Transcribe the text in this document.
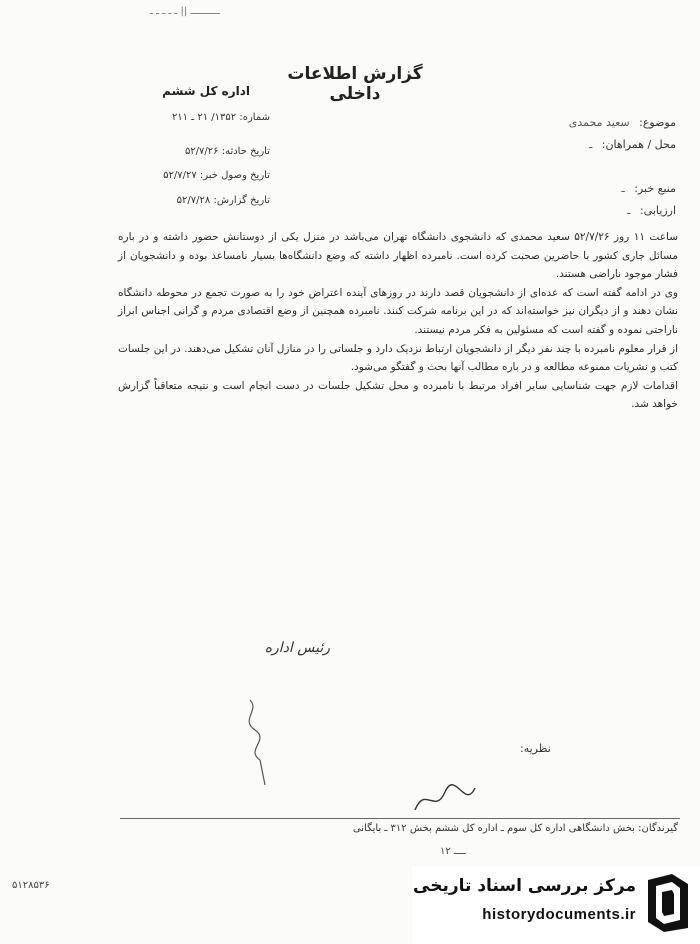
ــــــــــ || ـ ـ ـ ـ ـ
گزارش اطلاعات داخلی
اداره‌ کل ششم
شماره: ۱۳۵۲/ ۲۱ ـ ۲۱۱
تاریخ حادثه: ۵۲/۷/۲۶
تاریخ وصول خبر: ۵۲/۷/۲۷
تاریخ گزارش: ۵۲/۷/۲۸
موضوع: سعید محمدی
محل / همراهان: ـ
منبع خبر: ـ
ارزیابی: ـ

ساعت ۱۱ روز ۵۲/۷/۲۶ سعید محمدی که دانشجوی دانشگاه تهران می‌باشد در منزل یکی از دوستانش حضور داشته و در باره مسائل جاری کشور با حاضرین صحبت کرده است. نامبرده اظهار داشته که وضع دانشگاه‌ها بسیار نامساعد بوده و دانشجویان از فشار موجود ناراضی هستند.

وی در ادامه گفته است که عده‌ای از دانشجویان قصد دارند در روزهای آینده اعتراض خود را به صورت تجمع در محوطه دانشگاه نشان دهند و از دیگران نیز خواسته‌اند که در این برنامه شرکت کنند. نامبرده همچنین از وضع اقتصادی مردم و گرانی اجناس ابراز ناراحتی نموده و گفته است که مسئولین به فکر مردم نیستند.

از قرار معلوم نامبرده با چند نفر دیگر از دانشجویان ارتباط نزدیک دارد و جلساتی را در منازل آنان تشکیل می‌دهند. در این جلسات کتب و نشریات ممنوعه مطالعه و در باره مطالب آنها بحث و گفتگو می‌شود.

اقدامات لازم جهت شناسایی سایر افراد مرتبط با نامبرده و محل تشکیل جلسات در دست انجام است و نتیجه متعاقباً گزارش خواهد شد.

رئیس اداره
نظریه:
گیرندگان: بخش دانشگاهی اداره‌ کل سوم ـ اداره‌ کل ششم بخش ۳۱۲ ـ بایگانی
ــــ ۱۲
۵۱۲۸۵۳۶	مرکز بررسی اسناد تاریخی
historydocuments.ir
